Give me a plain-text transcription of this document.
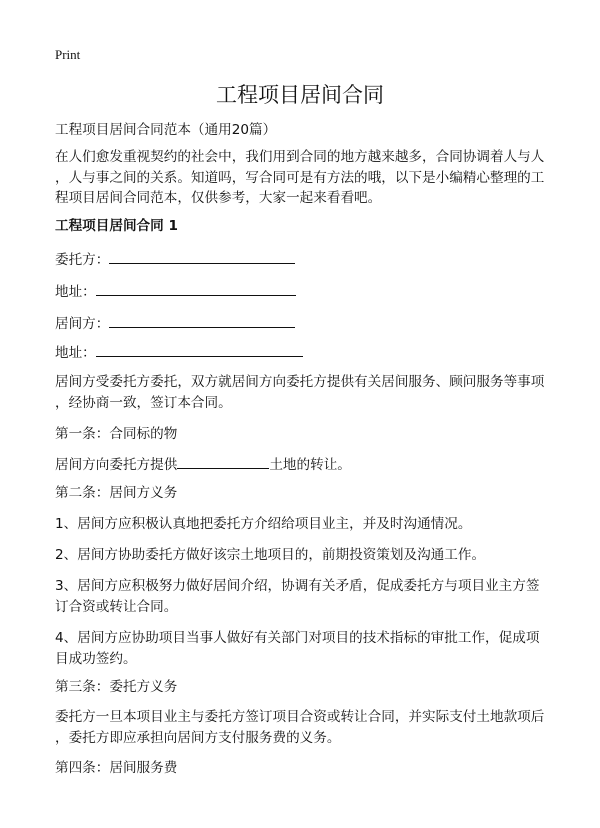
Print
工程项目居间合同
工程项目居间合同范本（通用20篇）
在人们愈发重视契约的社会中，我们用到合同的地方越来越多，合同协调着人与人
，人与事之间的关系。知道吗，写合同可是有方法的哦，以下是小编精心整理的工
程项目居间合同范本，仅供参考，大家一起来看看吧。
工程项目居间合同 1
委托方：
地址：
居间方：
地址：
居间方受委托方委托，双方就居间方向委托方提供有关居间服务、顾问服务等事项
，经协商一致，签订本合同。
第一条：合同标的物
居间方向委托方提供	土地的转让。
第二条：居间方义务
1、居间方应积极认真地把委托方介绍给项目业主，并及时沟通情况。
2、居间方协助委托方做好该宗土地项目的，前期投资策划及沟通工作。
3、居间方应积极努力做好居间介绍，协调有关矛盾，促成委托方与项目业主方签
订合资或转让合同。
4、居间方应协助项目当事人做好有关部门对项目的技术指标的审批工作，促成项
目成功签约。
第三条：委托方义务
委托方一旦本项目业主与委托方签订项目合资或转让合同，并实际支付土地款项后
，委托方即应承担向居间方支付服务费的义务。
第四条：居间服务费
